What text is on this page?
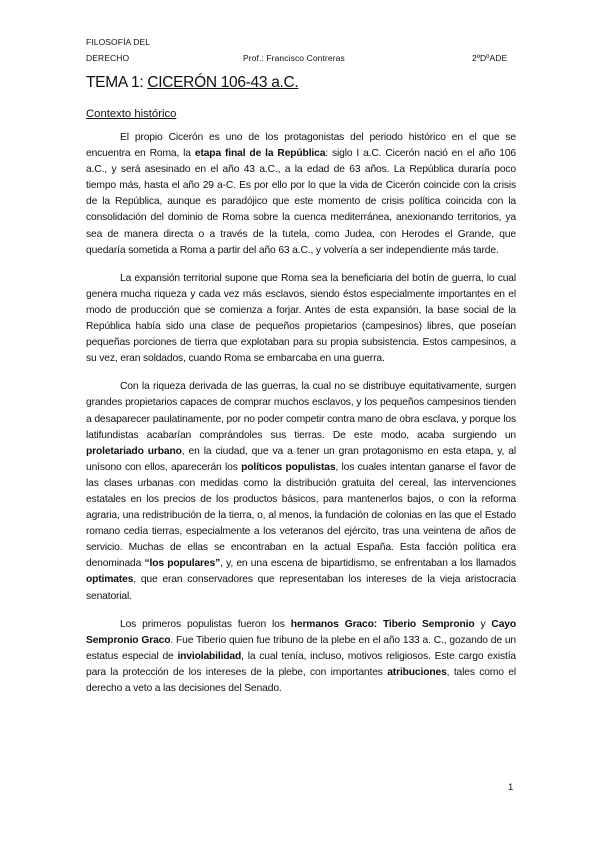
FILOSOFÍA DEL
DERECHO	Prof.: Francisco Contreras	2ºDºADE
TEMA 1: CICERÓN 106-43 a.C.
Contexto histórico

El propio Cicerón es uno de los protagonistas del periodo histórico en el que se encuentra en Roma, la etapa final de la República: siglo I a.C. Cicerón nació en el año 106 a.C., y será asesinado en el año 43 a.C., a la edad de 63 años. La República duraría poco tiempo más, hasta el año 29 a-C. Es por ello por lo que la vida de Cicerón coincide con la crisis de la República, aunque es paradójico que este momento de crisis política coincida con la consolidación del dominio de Roma sobre la cuenca mediterránea, anexionando territorios, ya sea de manera directa o a través de la tutela, como Judea, con Herodes el Grande, que quedaría sometida a Roma a partir del año 63 a.C., y volvería a ser independiente más tarde.

La expansión territorial supone que Roma sea la beneficiaria del botín de guerra, lo cual genera mucha riqueza y cada vez más esclavos, siendo éstos especialmente importantes en el modo de producción que se comienza a forjar. Antes de esta expansión, la base social de la República había sido una clase de pequeños propietarios (campesinos) libres, que poseían pequeñas porciones de tierra que explotaban para su propia subsistencia. Estos campesinos, a su vez, eran soldados, cuando Roma se embarcaba en una guerra.

Con la riqueza derivada de las guerras, la cual no se distribuye equitativamente, surgen grandes propietarios capaces de comprar muchos esclavos, y los pequeños campesinos tienden a desaparecer paulatinamente, por no poder competir contra mano de obra esclava, y porque los latifundistas acabarían comprándoles sus tierras. De este modo, acaba surgiendo un proletariado urbano, en la ciudad, que va a tener un gran protagonismo en esta etapa, y, al unísono con ellos, aparecerán los políticos populistas, los cuales intentan ganarse el favor de las clases urbanas con medidas como la distribución gratuita del cereal, las intervenciones estatales en los precios de los productos básicos, para mantenerlos bajos, o con la reforma agraria, una redistribución de la tierra, o, al menos, la fundación de colonias en las que el Estado romano cedía tierras, especialmente a los veteranos del ejército, tras una veintena de años de servicio. Muchas de ellas se encontraban en la actual España. Esta facción política era denominada “los populares”, y, en una escena de bipartidismo, se enfrentaban a los llamados optimates, que eran conservadores que representaban los intereses de la vieja aristocracia senatorial.

Los primeros populistas fueron los hermanos Graco: Tiberio Sempronio y Cayo Sempronio Graco. Fue Tiberio quien fue tribuno de la plebe en el año 133 a. C., gozando de un estatus especial de inviolabilidad, la cual tenía, incluso, motivos religiosos. Este cargo existía para la protección de los intereses de la plebe, con importantes atribuciones, tales como el derecho a veto a las decisiones del Senado.

1
